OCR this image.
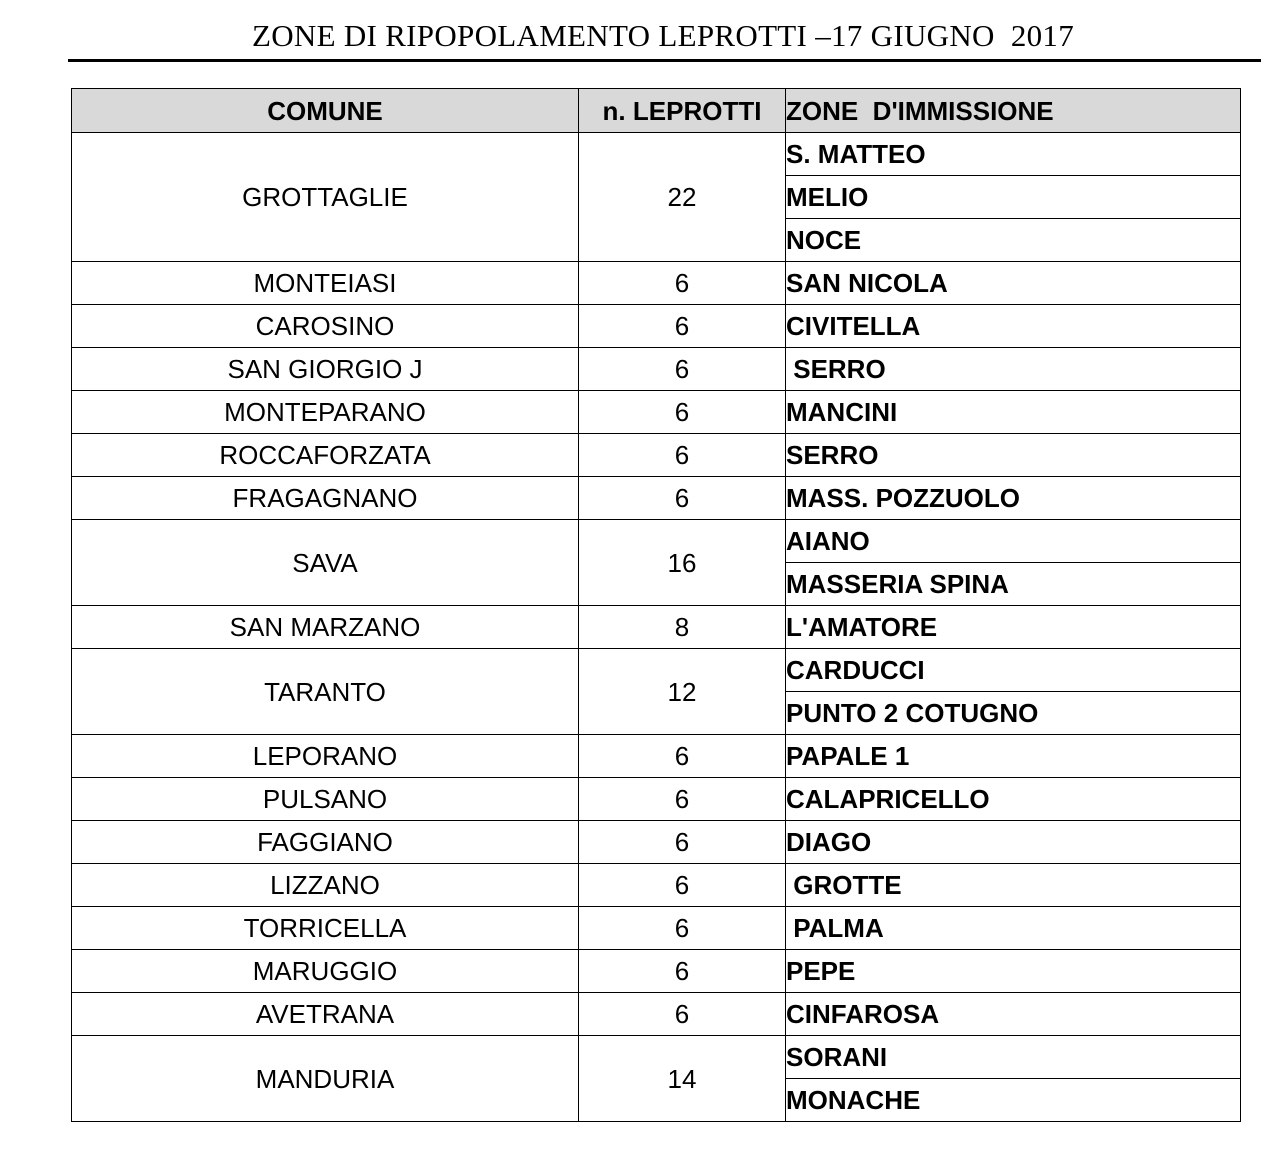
ZONE DI RIPOPOLAMENTO LEPROTTI –17 GIUGNO  2017
COMUNE	n. LEPROTTI	ZONE  D'IMMISSIONE
GROTTAGLIE	22	S. MATTEO
		MELIO
		NOCE
MONTEIASI	6	SAN NICOLA
CAROSINO	6	CIVITELLA
SAN GIORGIO J	6	SERRO
MONTEPARANO	6	MANCINI
ROCCAFORZATA	6	SERRO
FRAGAGNANO	6	MASS. POZZUOLO
SAVA	16	AIANO
		MASSERIA SPINA
SAN MARZANO	8	L'AMATORE
TARANTO	12	CARDUCCI
		PUNTO 2 COTUGNO
LEPORANO	6	PAPALE 1
PULSANO	6	CALAPRICELLO
FAGGIANO	6	DIAGO
LIZZANO	6	GROTTE
TORRICELLA	6	PALMA
MARUGGIO	6	PEPE
AVETRANA	6	CINFAROSA
MANDURIA	14	SORANI
		MONACHE
